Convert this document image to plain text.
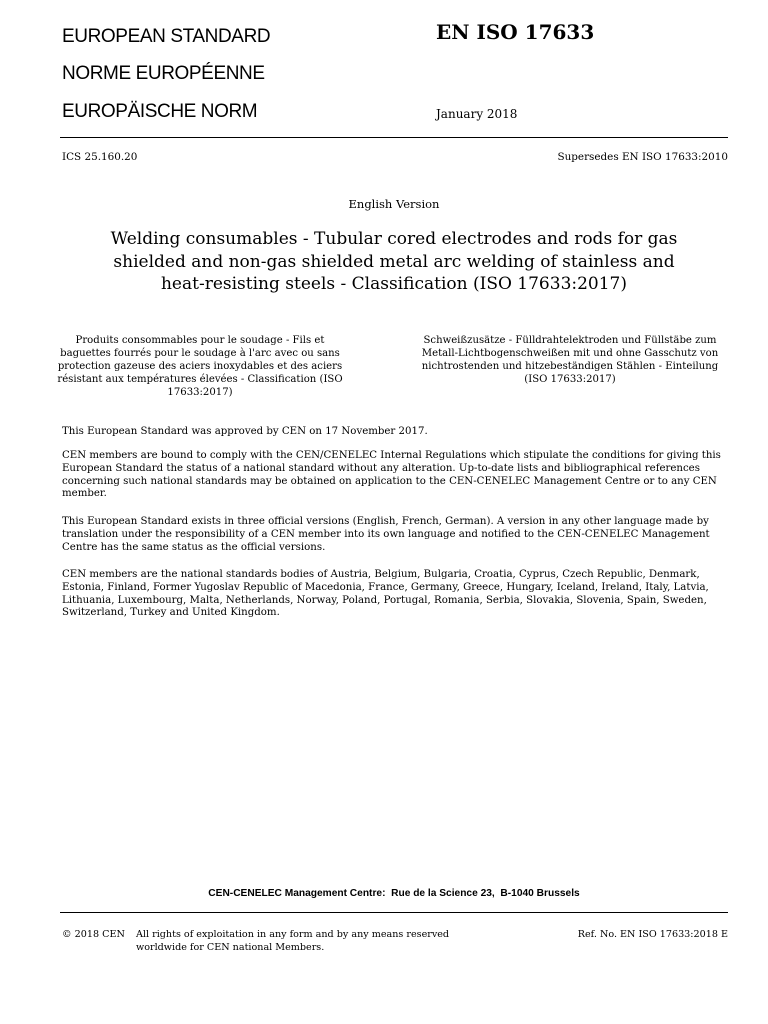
EUROPEAN STANDARD
NORME EUROPÉENNE
EUROPÄISCHE NORM
EN ISO 17633
January 2018
ICS 25.160.20	Supersedes EN ISO 17633:2010
English Version
Welding consumables - Tubular cored electrodes and rods for gas shielded and non-gas shielded metal arc welding of stainless and heat-resisting steels - Classification (ISO 17633:2017)
Produits consommables pour le soudage - Fils et baguettes fourrés pour le soudage à l'arc avec ou sans protection gazeuse des aciers inoxydables et des aciers résistant aux températures élevées - Classification (ISO 17633:2017)
Schweißzusätze - Fülldrahtelektroden und Füllstäbe zum Metall-Lichtbogenschweißen mit und ohne Gasschutz von nichtrostenden und hitzebeständigen Stählen - Einteilung (ISO 17633:2017)
This European Standard was approved by CEN on 17 November 2017.
CEN members are bound to comply with the CEN/CENELEC Internal Regulations which stipulate the conditions for giving this European Standard the status of a national standard without any alteration. Up-to-date lists and bibliographical references concerning such national standards may be obtained on application to the CEN-CENELEC Management Centre or to any CEN member.
This European Standard exists in three official versions (English, French, German). A version in any other language made by translation under the responsibility of a CEN member into its own language and notified to the CEN-CENELEC Management Centre has the same status as the official versions.
CEN members are the national standards bodies of Austria, Belgium, Bulgaria, Croatia, Cyprus, Czech Republic, Denmark, Estonia, Finland, Former Yugoslav Republic of Macedonia, France, Germany, Greece, Hungary, Iceland, Ireland, Italy, Latvia, Lithuania, Luxembourg, Malta, Netherlands, Norway, Poland, Portugal, Romania, Serbia, Slovakia, Slovenia, Spain, Sweden, Switzerland, Turkey and United Kingdom.
CEN-CENELEC Management Centre:  Rue de la Science 23,  B-1040 Brussels
© 2018 CEN All rights of exploitation in any form and by any means reserved worldwide for CEN national Members.
Ref. No. EN ISO 17633:2018 E
